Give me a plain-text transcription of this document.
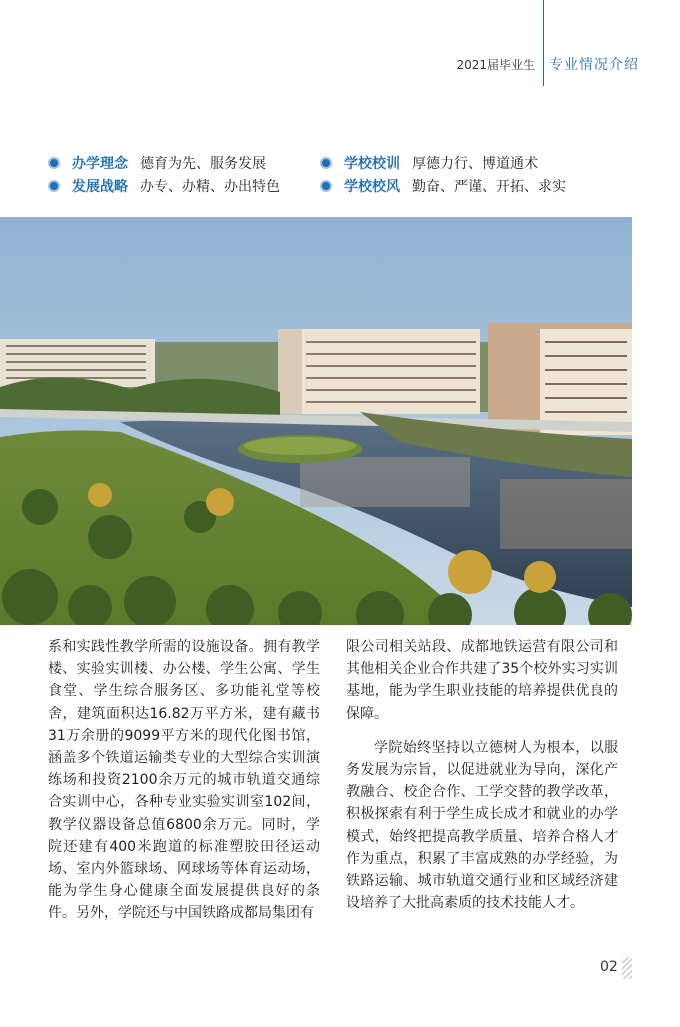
2021届毕业生 专业情况介绍
办学理念 德育为先、服务发展
发展战略 办专、办精、办出特色
学校校训 厚德力行、博道通术
学校校风 勤奋、严谨、开拓、求实

系和实践性教学所需的设施设备。拥有教学楼、实验实训楼、办公楼、学生公寓、学生食堂、学生综合服务区、多功能礼堂等校舍，建筑面积达16.82万平方米，建有藏书31万余册的9099平方米的现代化图书馆，涵盖多个铁道运输类专业的大型综合实训演练场和投资2100余万元的城市轨道交通综合实训中心，各种专业实验实训室102间，教学仪器设备总值6800余万元。同时，学院还建有400米跑道的标准塑胶田径运动场、室内外篮球场、网球场等体育运动场，能为学生身心健康全面发展提供良好的条件。另外，学院还与中国铁路成都局集团有

限公司相关站段、成都地铁运营有限公司和其他相关企业合作共建了35个校外实习实训基地，能为学生职业技能的培养提供优良的保障。

学院始终坚持以立德树人为根本，以服务发展为宗旨，以促进就业为导向，深化产教融合、校企合作、工学交替的教学改革，积极探索有利于学生成长成才和就业的办学模式，始终把提高教学质量、培养合格人才作为重点，积累了丰富成熟的办学经验，为铁路运输、城市轨道交通行业和区域经济建设培养了大批高素质的技术技能人才。

02
